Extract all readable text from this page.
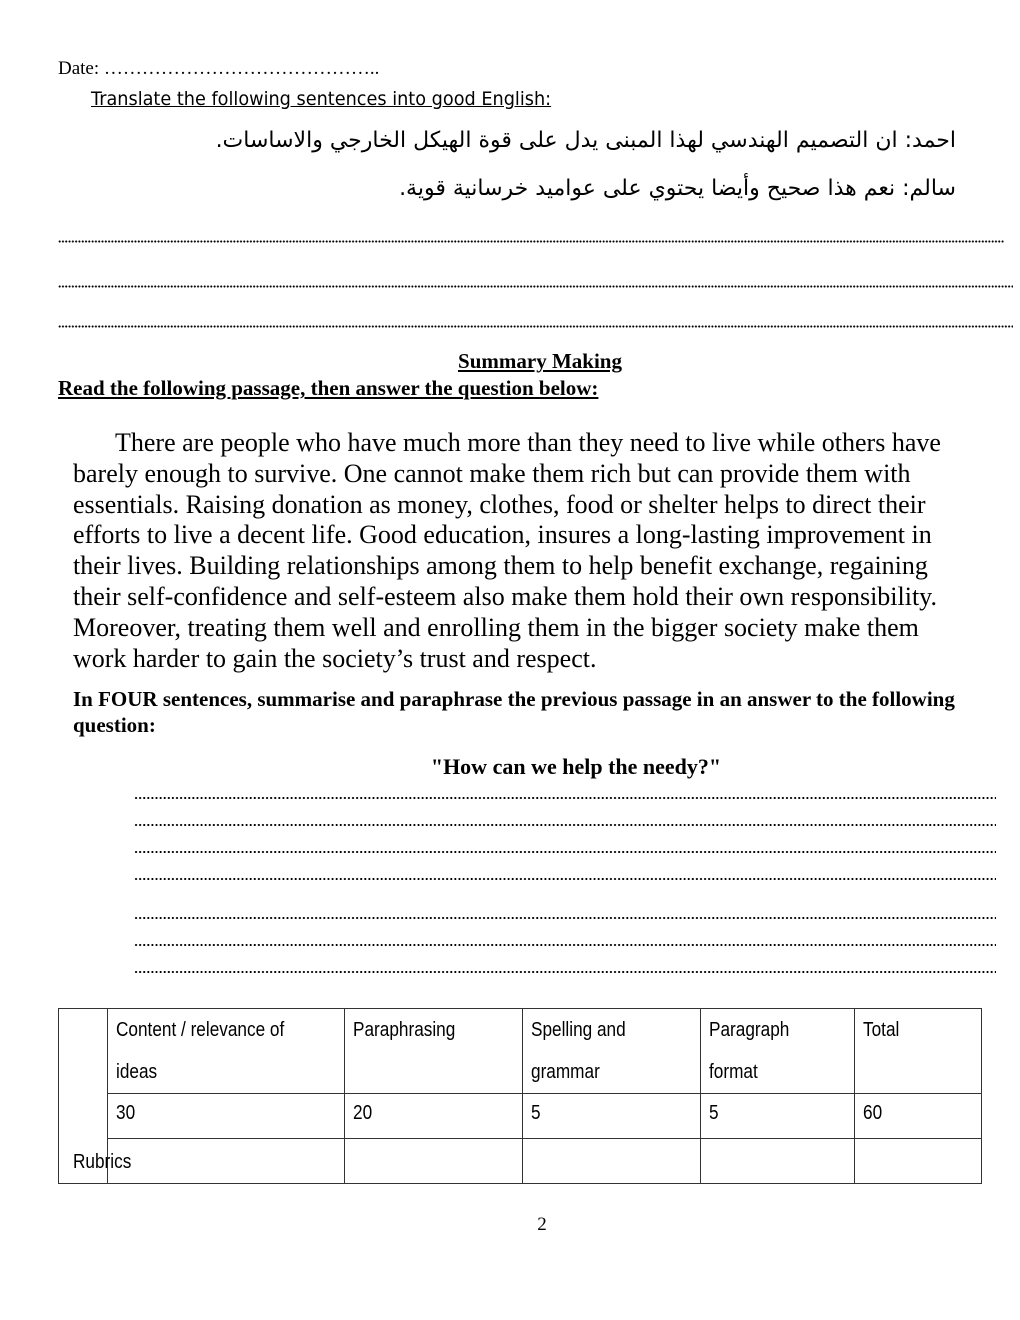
Date: ……………………………………..
Translate the following sentences into good English:
احمد: ان التصميم الهندسي لهذا المبنى يدل على قوة الهيكل الخارجي والاساسات.
سالم: نعم هذا صحيح وأيضا يحتوي على عواميد خرسانية قوية.
Summary Making
Read the following passage, then answer the question below:
There are people who have much more than they need to live while others have barely enough to survive. One cannot make them rich but can provide them with essentials. Raising donation as money, clothes, food or shelter helps to direct their efforts to live a decent life. Good education, insures a long-lasting improvement in their lives. Building relationships among them to help benefit exchange, regaining their self-confidence and self-esteem also make them hold their own responsibility. Moreover, treating them well and enrolling them in the bigger society make them work harder to gain the society’s trust and respect.
In FOUR sentences, summarise and paraphrase the previous passage in an answer to the following question:
"How can we help the needy?"
Rubrics	Content / relevance of ideas	Paraphrasing	Spelling and grammar	Paragraph format	Total
	30	20	5	5	60

2
